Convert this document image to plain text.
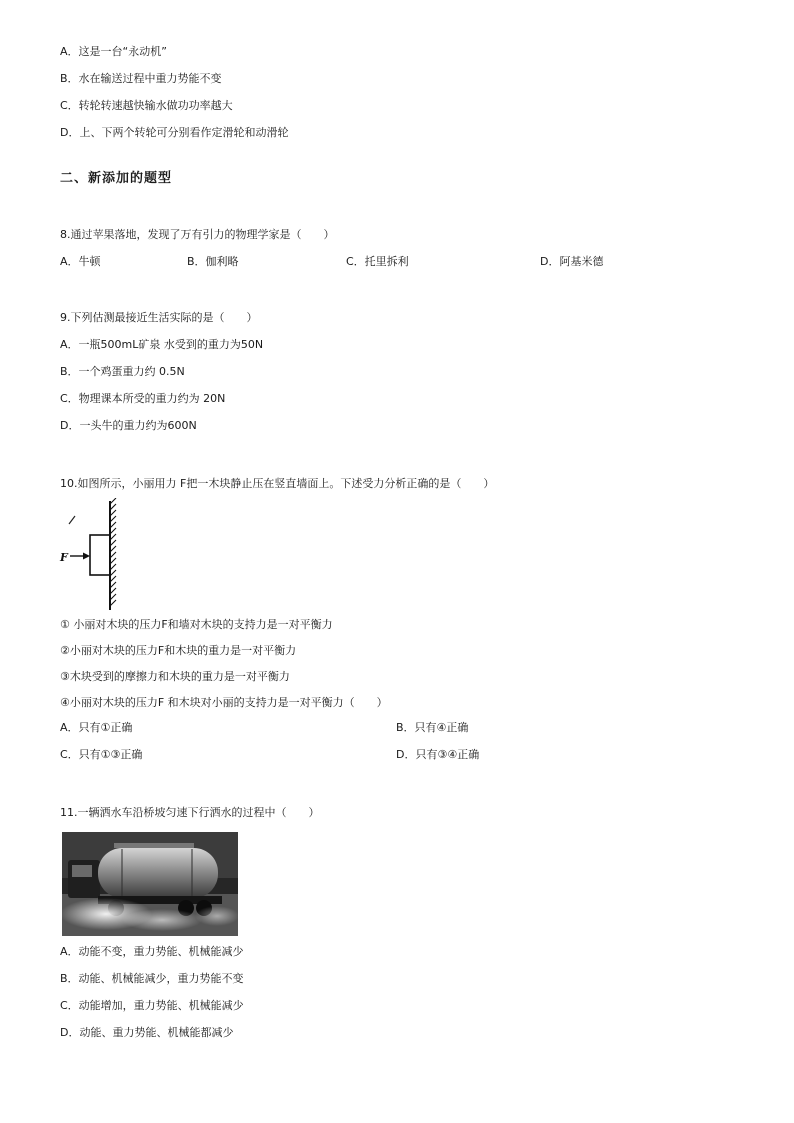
A．这是一台“永动机”
B．水在输送过程中重力势能不变
C．转轮转速越快输水做功功率越大
D．上、下两个转轮可分别看作定滑轮和动滑轮
二、新添加的题型
8.通过苹果落地，发现了万有引力的物理学家是（　　）
A．牛顿	B．伽利略	C．托里拆利	D．阿基米德
9.下列估测最接近生活实际的是（　　）
A．一瓶500mL矿泉 水受到的重力为50N
B．一个鸡蛋重力约 0.5N
C．物理课本所受的重力约为 20N
D．一头牛的重力约为600N
10.如图所示，小丽用力 F把一木块静止压在竖直墙面上。下述受力分析正确的是（　　）
F
① 小丽对木块的压力F和墙对木块的支持力是一对平衡力
②小丽对木块的压力F和木块的重力是一对平衡力
③木块受到的摩擦力和木块的重力是一对平衡力
④小丽对木块的压力F 和木块对小丽的支持力是一对平衡力（　　）
A．只有①正确	B．只有④正确
C．只有①③正确	D．只有③④正确
11.一辆洒水车沿桥坡匀速下行洒水的过程中（　　）
A．动能不变，重力势能、机械能减少
B．动能、机械能减少，重力势能不变
C．动能增加，重力势能、机械能减少
D．动能、重力势能、机械能都减少
